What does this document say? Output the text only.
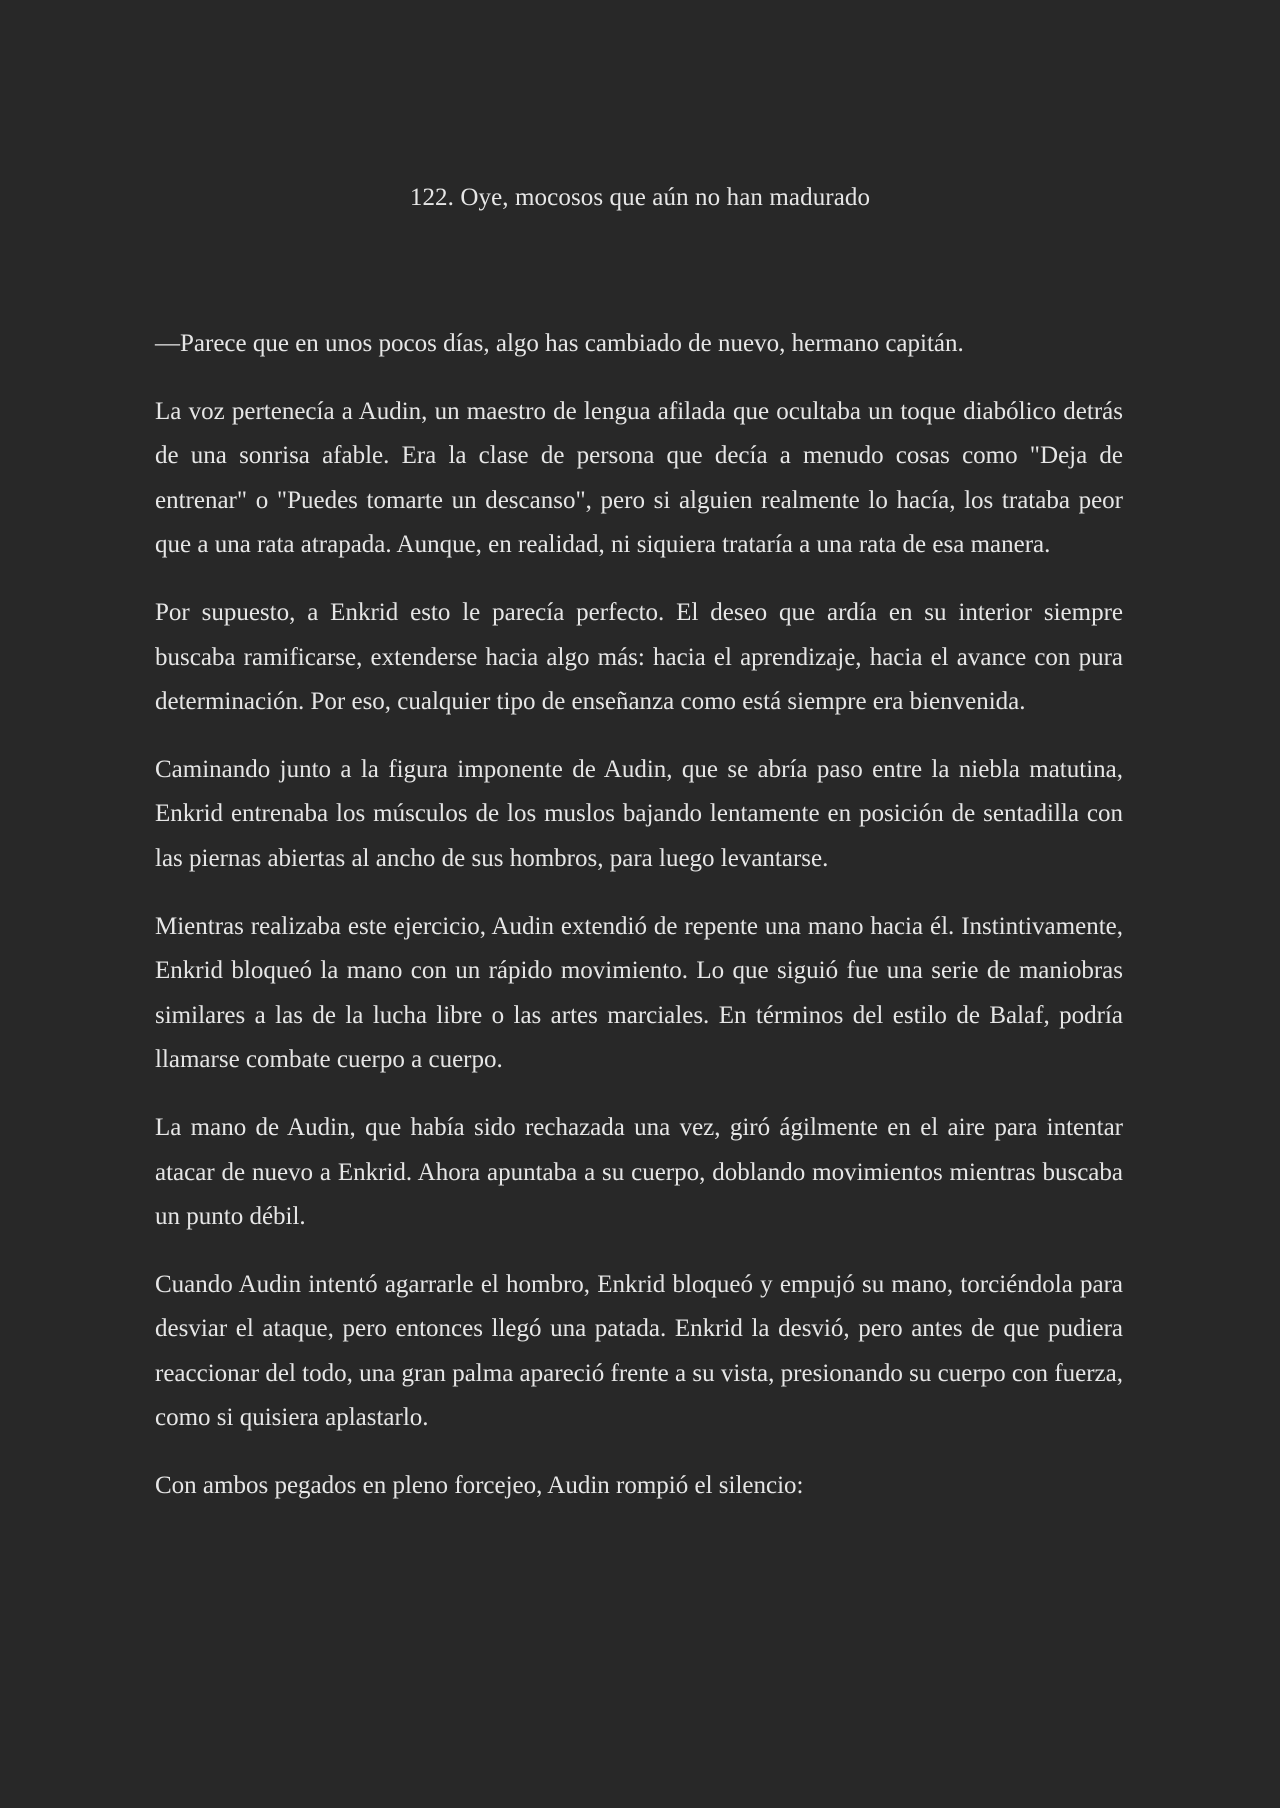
122. Oye, mocosos que aún no han madurado

—Parece que en unos pocos días, algo has cambiado de nuevo, hermano capitán.

La voz pertenecía a Audin, un maestro de lengua afilada que ocultaba un toque diabólico detrás de una sonrisa afable. Era la clase de persona que decía a menudo cosas como "Deja de entrenar" o "Puedes tomarte un descanso", pero si alguien realmente lo hacía, los trataba peor que a una rata atrapada. Aunque, en realidad, ni siquiera trataría a una rata de esa manera.

Por supuesto, a Enkrid esto le parecía perfecto. El deseo que ardía en su interior siempre buscaba ramificarse, extenderse hacia algo más: hacia el aprendizaje, hacia el avance con pura determinación. Por eso, cualquier tipo de enseñanza como está siempre era bienvenida.

Caminando junto a la figura imponente de Audin, que se abría paso entre la niebla matutina, Enkrid entrenaba los músculos de los muslos bajando lentamente en posición de sentadilla con las piernas abiertas al ancho de sus hombros, para luego levantarse.

Mientras realizaba este ejercicio, Audin extendió de repente una mano hacia él. Instintivamente, Enkrid bloqueó la mano con un rápido movimiento. Lo que siguió fue una serie de maniobras similares a las de la lucha libre o las artes marciales. En términos del estilo de Balaf, podría llamarse combate cuerpo a cuerpo.

La mano de Audin, que había sido rechazada una vez, giró ágilmente en el aire para intentar atacar de nuevo a Enkrid. Ahora apuntaba a su cuerpo, doblando movimientos mientras buscaba un punto débil.

Cuando Audin intentó agarrarle el hombro, Enkrid bloqueó y empujó su mano, torciéndola para desviar el ataque, pero entonces llegó una patada. Enkrid la desvió, pero antes de que pudiera reaccionar del todo, una gran palma apareció frente a su vista, presionando su cuerpo con fuerza, como si quisiera aplastarlo.

Con ambos pegados en pleno forcejeo, Audin rompió el silencio:
